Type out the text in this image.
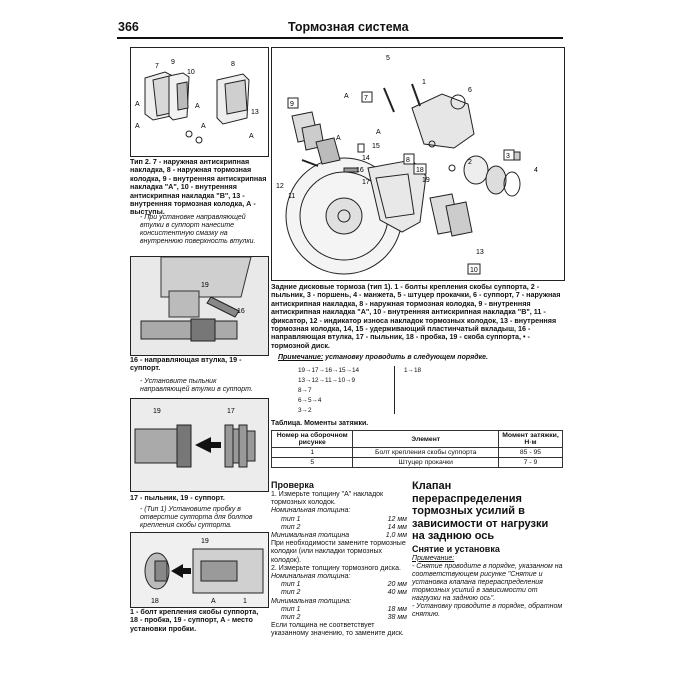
366	Тормозная система
7
9	8
10
13
A
A
A
A
A
Тип 2. 7 - наружная антискрипная накладка, 8 - наружная тормозная колодка, 9 - внутренняя антискрипная накладка "A", 10 - внутренняя антискрипная накладка "B", 13 - внутренняя тормозная колодка, А - выступы.
- При установке направляющей втулки в суппорт нанесите консистентную смазку на внутреннюю поверхность втулки.
19
16
16 - направляющая втулка, 19 - суппорт.
- Установите пыльник направляющей втулки в суппорт.
19	17
17 - пыльник, 19 - суппорт.
- (Тип 1) Установите пробку в отверстие суппорта для болтов крепления скобы суппорта.
19
1
18	A
1 - болт крепления скобы суппорта, 18 - пробка, 19 - суппорт, А - место установки пробки.
9
A 7
A
12
11
A
5
14
15
17
16
8
6
19
18
2
3
4
1
13
10
Задние дисковые тормоза (тип 1). 1 - болты крепления скобы суппорта, 2 - пыльник, 3 - поршень, 4 - манжета, 5 - штуцер прокачки, 6 - суппорт, 7 - наружная антискрипная накладка, 8 - наружная тормозная колодка, 9 - внутренняя антискрипная накладка "A", 10 - внутренняя антискрипная накладка "B", 11 - фиксатор, 12 - индикатор износа накладок тормозных колодок, 13 - внутренняя тормозная колодка, 14, 15 - удерживающий пластинчатый вкладыш, 16 - направляющая втулка, 17 - пыльник, 18 - пробка, 19 - скоба суппорта, • - тормозной диск.
Примечание: установку проводить в следующем порядке.
19→17→16→15→14
13→12→11→10→9
8→7
6→5→4
3→2
1→18
Таблица. Моменты затяжки.
Номер на сборочном рисунке	Элемент	Момент затяжки, Н·м
1	Болт крепления скобы суппорта	85 - 95
5	Штуцер прокачки	7 - 9
Проверка
1. Измерьте толщину "A" накладок тормозных колодок.
Номинальная толщина:
тип 1	12 мм
тип 2	14 мм
Минимальная толщина	1,0 мм
При необходимости замените тормозные колодки (или накладки тормозных колодок).
2. Измерьте толщину тормозного диска.
Номинальная толщина:
тип 1	20 мм
тип 2	40 мм
Минимальная толщина:
тип 1	18 мм
тип 2	38 мм
Если толщина не соответствует указанному значению, то замените диск.
Клапан перераспределения тормозных усилий в зависимости от нагрузки на заднюю ось
Снятие и установка
Примечание:
- Снятие проводите в порядке, указанном на соответствующем рисунке "Снятие и установка клапана перераспределения тормозных усилий в зависимости от нагрузки на заднюю ось".
- Установку проводите в порядке, обратном снятию.
